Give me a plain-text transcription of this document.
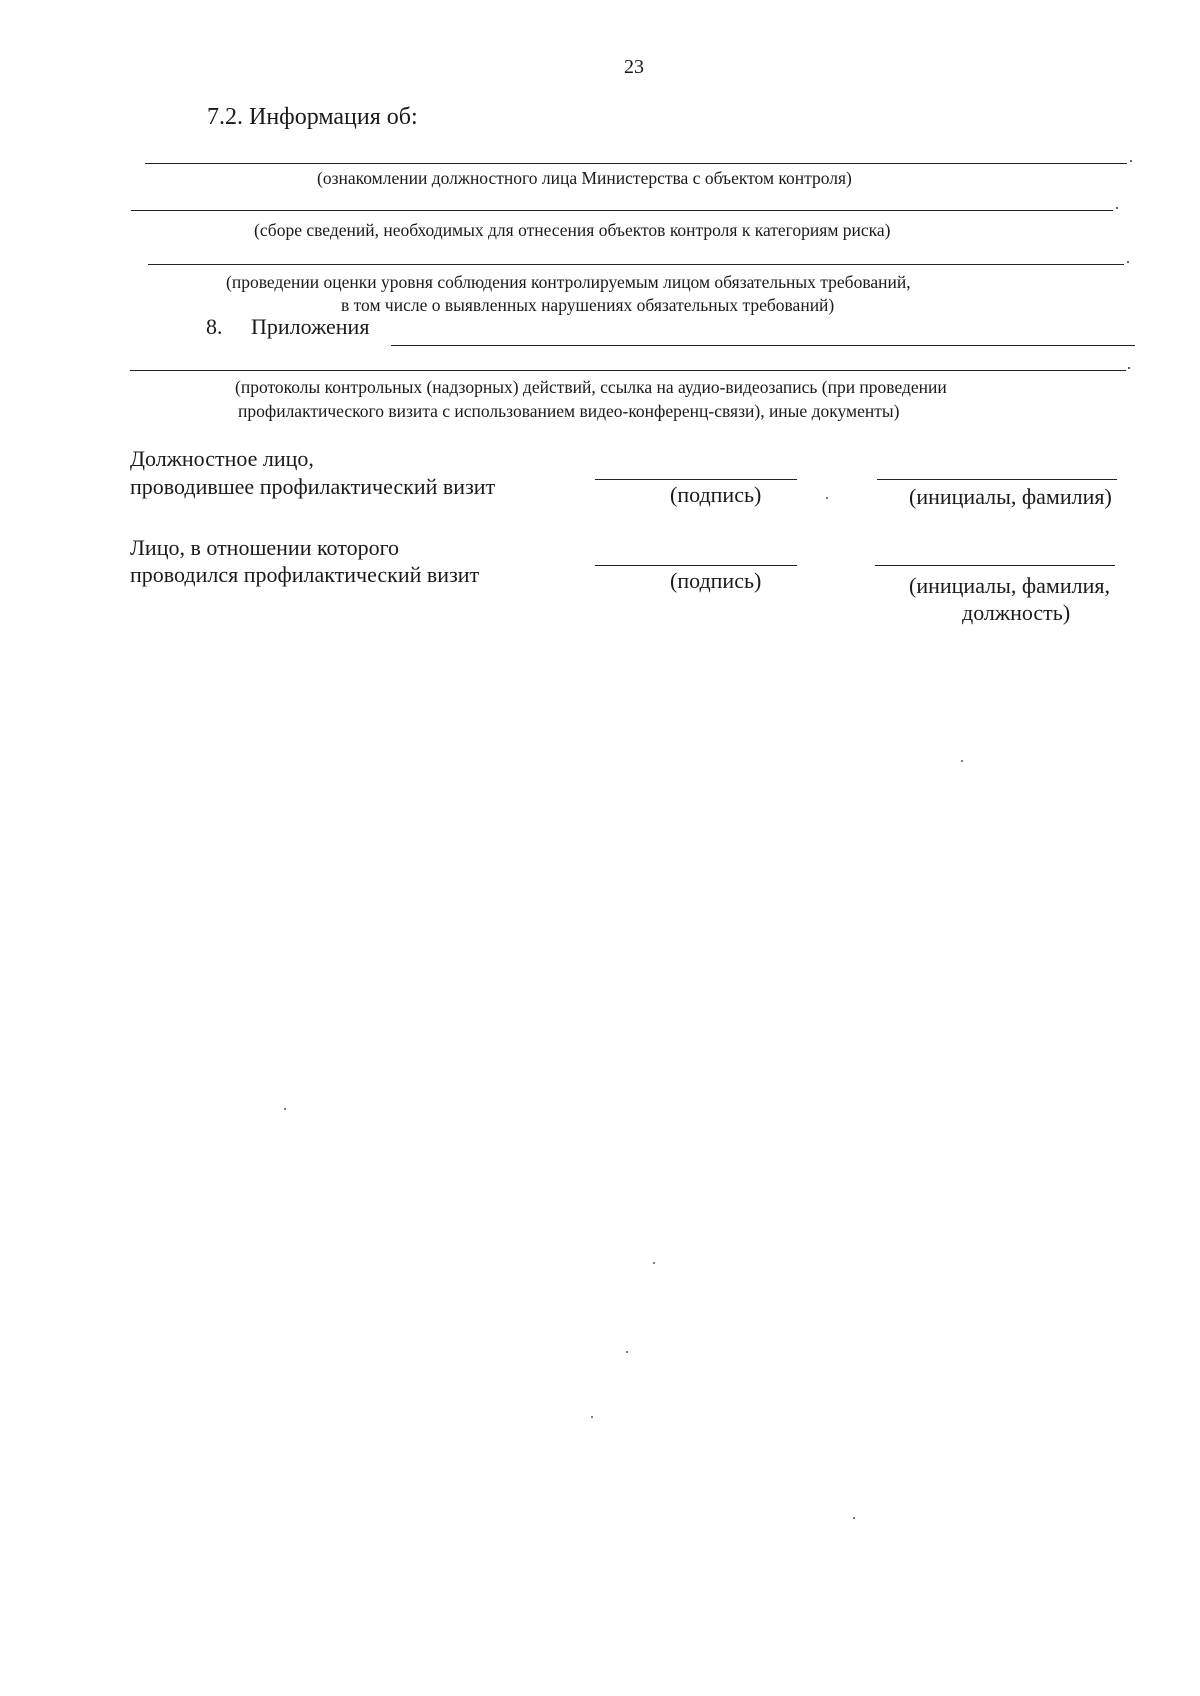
23
7.2. Информация об:
(ознакомлении должностного лица Министерства с объектом контроля)
(сборе сведений, необходимых для отнесения объектов контроля к категориям риска)
(проведении оценки уровня соблюдения контролируемым лицом обязательных требований,
в том числе о выявленных нарушениях обязательных требований)
8. Приложения
(протоколы контрольных (надзорных) действий, ссылка на аудио-видеозапись (при проведении
профилактического визита с использованием видео-конференц-связи), иные документы)
Должностное лицо,
проводившее профилактический визит	(подпись)	(инициалы, фамилия)
Лицо, в отношении которого
проводился профилактический визит	(подпись)	(инициалы, фамилия,
должность)
